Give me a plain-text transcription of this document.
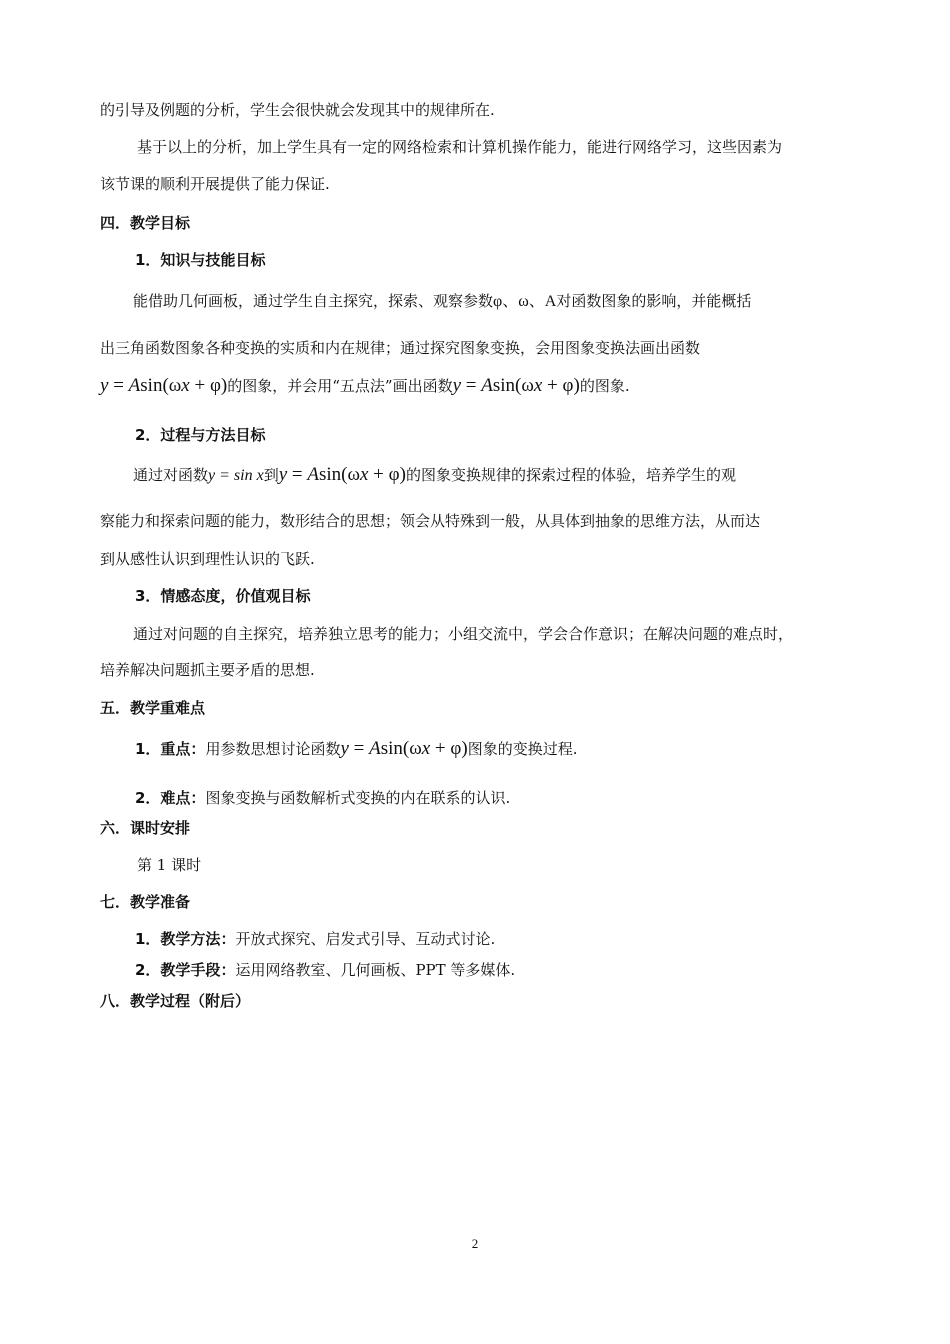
的引导及例题的分析，学生会很快就会发现其中的规律所在.
基于以上的分析，加上学生具有一定的网络检索和计算机操作能力，能进行网络学习，这些因素为
该节课的顺利开展提供了能力保证.
四．教学目标
1．知识与技能目标
能借助几何画板，通过学生自主探究，探索、观察参数φ、ω、A对函数图象的影响，并能概括
出三角函数图象各种变换的实质和内在规律；通过探究图象变换，会用图象变换法画出函数
y = Asin(ωx + φ)的图象，并会用“五点法”画出函数y = Asin(ωx + φ)的图象.
2．过程与方法目标
通过对函数y = sin x到y = Asin(ωx + φ)的图象变换规律的探索过程的体验，培养学生的观
察能力和探索问题的能力，数形结合的思想；领会从特殊到一般，从具体到抽象的思维方法，从而达
到从感性认识到理性认识的飞跃.
3．情感态度，价值观目标
通过对问题的自主探究，培养独立思考的能力；小组交流中，学会合作意识；在解决问题的难点时，
培养解决问题抓主要矛盾的思想.
五．教学重难点
1．重点：用参数思想讨论函数y = Asin(ωx + φ)图象的变换过程.
2．难点：图象变换与函数解析式变换的内在联系的认识.
六．课时安排
第 1 课时
七．教学准备
1．教学方法：开放式探究、启发式引导、互动式讨论.
2．教学手段：运用网络教室、几何画板、PPT 等多媒体.
八．教学过程（附后）
2
